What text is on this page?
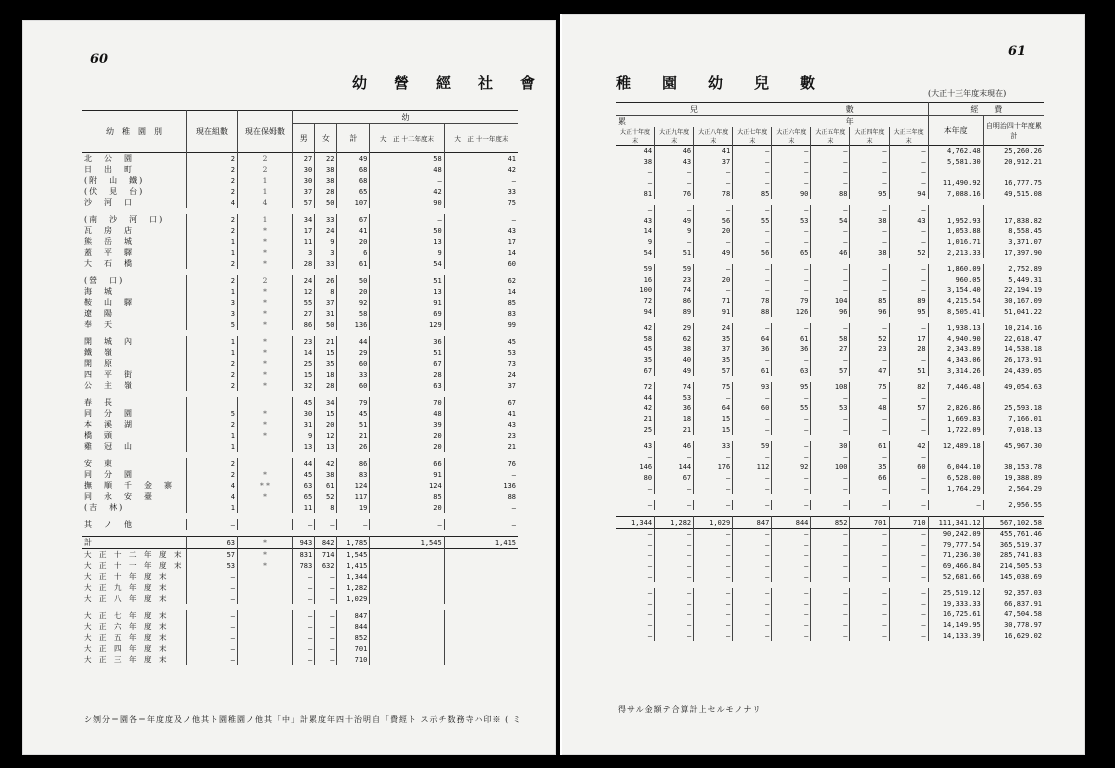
60
幼　營　經　社　會
幼　稚　園　別	現在組數	現在保姆數	幼				
			男	女	計	大　正 十二年度末	大　正 十一年度末
北　公　園	2	2	27	22	49	58	41
日　出　町	2	2	30	38	68	48	42
(附　山　鐵)	2	1	30	38	68	—	—
(伏　見　台)	2	1	37	28	65	42	33
沙　河　口	4	4	57	50	107	90	75

(南　沙　河　口)	2	1	34	33	67	—	—
瓦　房　店	2	*	17	24	41	50	43
熊　岳　城	1	*	11	9	20	13	17
蓋　平　驛	1	*	3	3	6	9	14
大　石　橋	2	*	28	33	61	54	60

(營　口)	2	2	24	26	50	51	62
海　城	1	*	12	8	20	13	14
鞍　山　驛	3	*	55	37	92	91	85
遼　陽	3	*	27	31	58	69	83
奉　天	5	*	86	50	136	129	99

開　城　內	1	*	23	21	44	36	45
鐵　嶺	1	*	14	15	29	51	53
開　原	2	*	25	35	60	67	73
四　平　街	2	*	15	18	33	28	24
公　主　嶺	2	*	32	28	60	63	37

春　長			45	34	79	70	67
同　分　園	5	*	30	15	45	48	41
本　溪　湖	2	*	31	20	51	39	43
橋　頭	1	*	9	12	21	20	23
雞　冠　山	1		13	13	26	20	21

安　東	2		44	42	86	66	76
同　分　園	2	*	45	38	83	91	—
撫　順　千　金　寨	4	* *	63	61	124	124	136
同　永　安　臺	4	*	65	52	117	85	88
(吉　林)	1		11	8	19	20	—

其　ノ　他	—		—	—	—	—	—

計	63	*	943	842	1,785	1,545	1,415
大　正　十　二　年　度　末	57	*	831	714	1,545		
大　正　十　一　年　度　末	53	*	783	632	1,415		
大　正　十　年　度　末	—		—	—	1,344		
大　正　九　年　度　末	—		—	—	1,282		
大　正　八　年　度　末	—		—	—	1,029		

大　正　七　年　度　末	—		—	—	847		
大　正　六　年　度　末	—		—	—	844		
大　正　五　年　度　末	—		—	—	852		
大　正　四　年　度　末	—		—	—	701		
大　正　三　年　度　末	—		—	—	710		
シ刎分＝園各＝年度度及ノ他其ト園稚園ノ他其「中」計累度年四十治明自「費經ト ス示チ数務寺ハ印※ ( ミ
稚　園　幼　兒　數
61
(大正十三年度末現在)
兒				數				經　　費	
累				年				本年度	自明治四十年度累計
大正十年度末	大正九年度末	大正八年度末	大正七年度末	大正六年度末	大正五年度末	大正四年度末	大正三年度末		
44	46	41	—	—	—	—	—	4,762.48	25,260.26
38	43	37	—	—	—	—	—	5,581.30	20,912.21
—	—	—	—	—	—	—	—		
—	—	—	—	—	—	—	—	11,490.92	16,777.75
81	76	78	85	90	88	95	94	7,088.16	49,515.08

—	—	—	—	—	—	—	—		
43	49	56	55	53	54	38	43	1,952.93	17,838.82
14	9	20	—	—	—	—	—	1,053.88	8,558.45
9	—	—	—	—	—	—	—	1,016.71	3,371.07
54	51	49	56	65	46	38	52	2,213.33	17,397.90

59	59	—	—	—	—	—	—	1,860.09	2,752.89
16	23	20	—	—	—	—	—	960.05	5,449.31
100	74	—	—	—	—	—	—	3,154.40	22,194.19
72	86	71	78	79	104	85	89	4,215.54	30,167.09
94	89	91	88	126	96	96	95	8,505.41	51,041.22

42	29	24	—	—	—	—	—	1,938.13	10,214.16
58	62	35	64	61	58	52	17	4,940.90	22,618.47
45	38	37	36	36	27	23	28	2,343.89	14,538.18
35	40	35	—	—	—	—	—	4,343.06	26,173.91
67	49	57	61	63	57	47	51	3,314.26	24,439.05

72	74	75	93	95	108	75	82	7,446.48	49,054.63
44	53	—	—	—	—	—	—		
42	36	64	60	55	53	48	57	2,826.86	25,593.18
21	18	15	—	—	—	—	—	1,669.83	7,166.01
25	21	15	—	—	—	—	—	1,722.09	7,018.13

43	46	33	59	—	30	61	42	12,489.18	45,967.30
—	—	—	—	—	—	—	—		
146	144	176	112	92	100	35	60	6,044.10	38,153.78
80	67	—	—	—	—	66	—	6,528.00	19,388.89
—	—	—	—	—	—	—	—	1,764.29	2,564.29

—	—	—	—	—	—	—	—	—	2,956.55

1,344	1,282	1,029	847	844	852	701	710	111,341.12	567,102.58
—	—	—	—	—	—	—	—	90,242.09	455,761.46
—	—	—	—	—	—	—	—	79,777.54	365,519.37
—	—	—	—	—	—	—	—	71,236.30	285,741.83
—	—	—	—	—	—	—	—	69,466.84	214,505.53
—	—	—	—	—	—	—	—	52,681.66	145,038.69

—	—	—	—	—	—	—	—	25,519.12	92,357.03
—	—	—	—	—	—	—	—	19,333.33	66,837.91
—	—	—	—	—	—	—	—	16,725.61	47,504.58
—	—	—	—	—	—	—	—	14,149.95	30,778.97
—	—	—	—	—	—	—	—	14,133.39	16,629.02
得サル金額テ合算計上セルモノナリ
